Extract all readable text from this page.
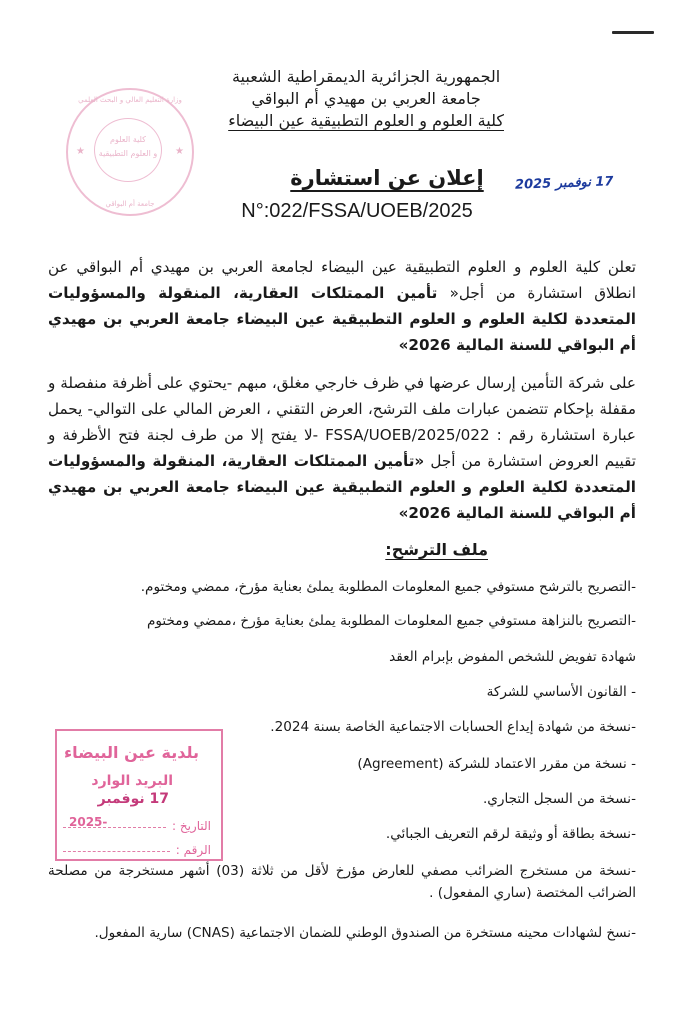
وزارة التعليم العالي و البحث العلمي
★	★
كلية العلوم
و العلوم التطبيقية
جامعة أم البواقي
الجمهورية الجزائرية الديمقراطية الشعبية
جامعة العربي بن مهيدي أم البواقي
كلية العلوم و العلوم التطبيقية عين البيضاء
إعلان عن استشارة	17 نوفمبر 2025
N°:022/FSSA/UOEB/2025
تعلن كلية العلوم و العلوم التطبيقية عين البيضاء لجامعة العربي بن مهيدي أم البواقي عن انطلاق استشارة من أجل« تأمين الممتلكات العقارية، المنقولة والمسؤوليات المتعددة لكلية العلوم و العلوم التطبيقية عين البيضاء جامعة العربي بن مهيدي أم البواقي للسنة المالية 2026»
على شركة التأمين إرسال عرضها في ظرف خارجي مغلق، مبهم -يحتوي على أظرفة منفصلة و مقفلة بإحكام تتضمن عبارات ملف الترشح، العرض التقني ، العرض المالي على التوالي- يحمل عبارة استشارة رقم : 022/FSSA/UOEB/2025 -لا يفتح إلا من طرف لجنة فتح الأظرفة و تقييم العروض استشارة من أجل «تأمين الممتلكات العقارية، المنقولة والمسؤوليات المتعددة لكلية العلوم و العلوم التطبيقية عين البيضاء جامعة العربي بن مهيدي أم البواقي للسنة المالية 2026»
ملف الترشح:
-التصريح بالترشح مستوفي جميع المعلومات المطلوبة يملئ بعناية مؤرخ، ممضي ومختوم.
-التصريح بالنزاهة مستوفي جميع المعلومات المطلوبة يملئ بعناية مؤرخ ،ممضي ومختوم
شهادة تفويض للشخص المفوض بإبرام العقد
- القانون الأساسي للشركة
-نسخة من شهادة إيداع الحسابات الاجتماعية الخاصة بسنة 2024.
- نسخة من مقرر الاعتماد للشركة (Agreement)
-نسخة من السجل التجاري.
-نسخة بطاقة أو وثيقة لرقم التعريف الجبائي.
-نسخة من مستخرج الضرائب مصفي للعارض مؤرخ لأقل من ثلاثة (03) أشهر مستخرجة من مصلحة الضرائب المختصة (ساري المفعول) .
-نسخ لشهادات محينه مستخرة من الصندوق الوطني للضمان الاجتماعية (CNAS) سارية المفعول.
بلدية عين البيضاء
البريد الوارد
17 نوفمبر
التاريخ :
2025-
الرقم :
